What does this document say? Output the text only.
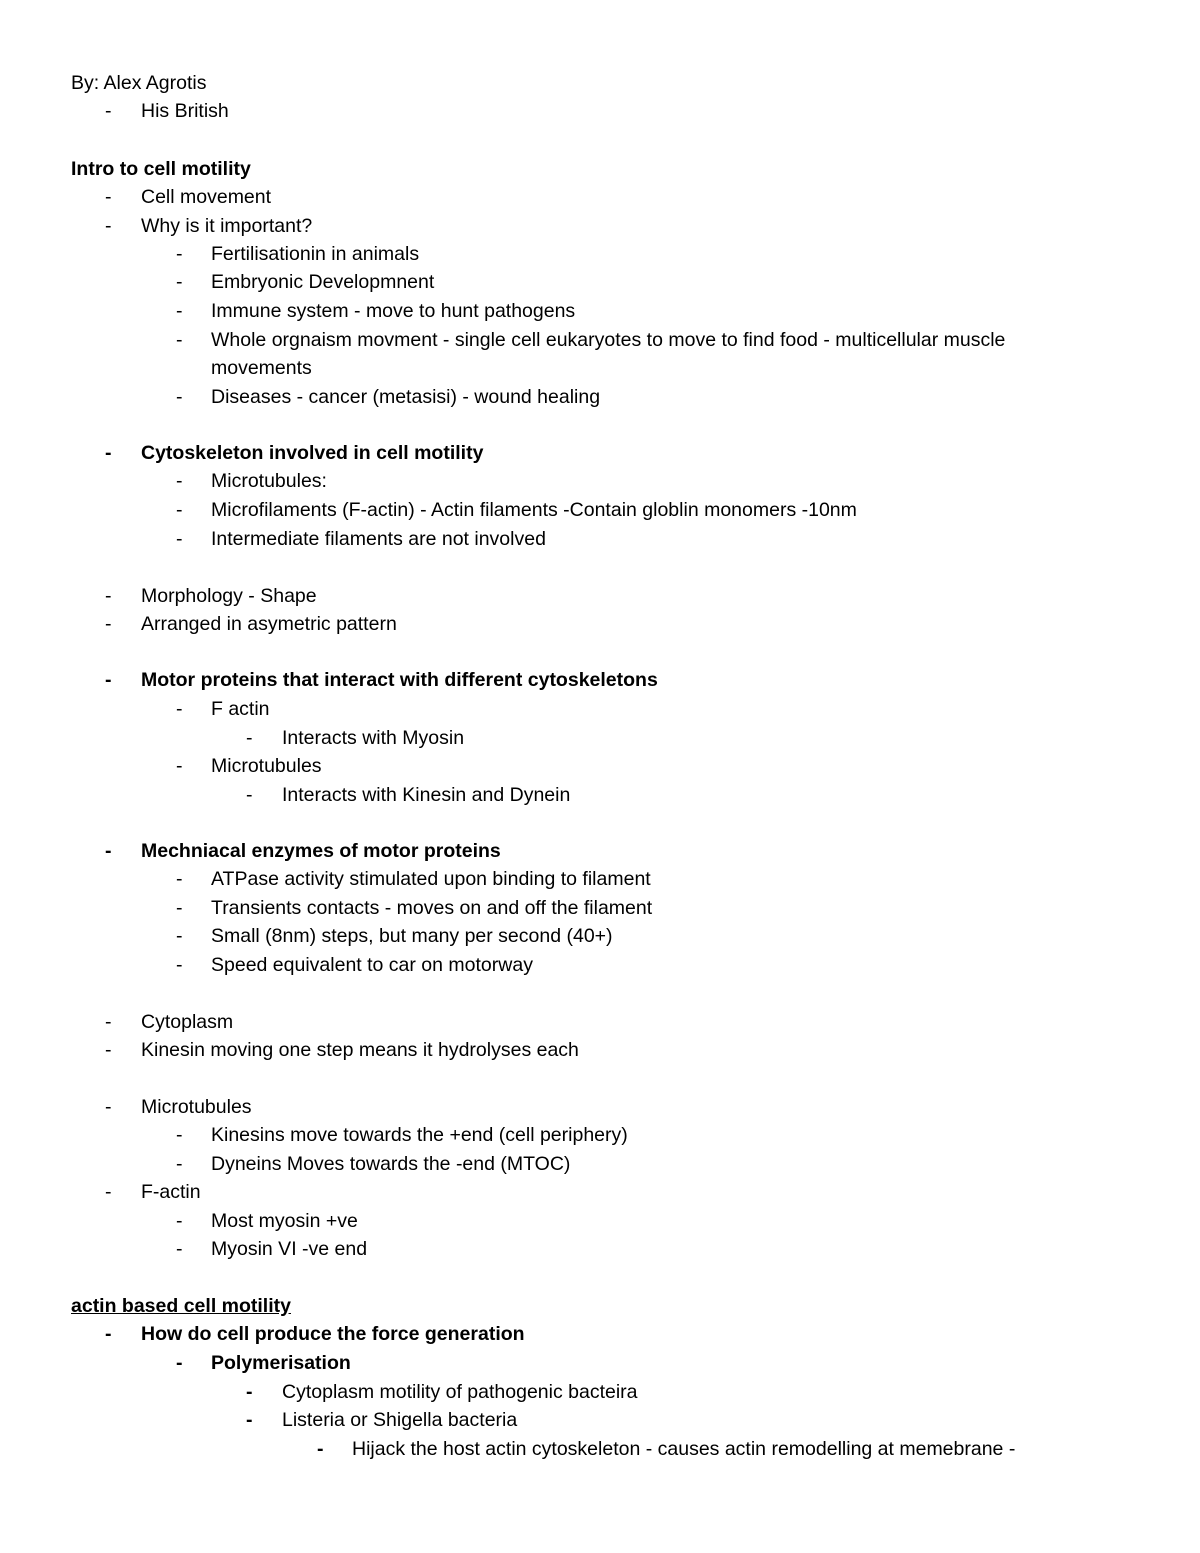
By: Alex Agrotis
- His British
Intro to cell motility
- Cell movement
- Why is it important?
- Fertilisationin in animals
- Embryonic Developmnent
- Immune system - move to hunt pathogens
- Whole orgnaism movment - single cell eukaryotes to move to find food - multicellular muscle
movements
- Diseases - cancer (metasisi) - wound healing
- Cytoskeleton involved in cell motility
- Microtubules:
- Microfilaments (F-actin) - Actin filaments -Contain globlin monomers -10nm
- Intermediate filaments are not involved
- Morphology - Shape
- Arranged in asymetric pattern
- Motor proteins that interact with different cytoskeletons
- F actin
- Interacts with Myosin
- Microtubules
- Interacts with Kinesin and Dynein
- Mechniacal enzymes of motor proteins
- ATPase activity stimulated upon binding to filament
- Transients contacts - moves on and off the filament
- Small (8nm) steps, but many per second (40+)
- Speed equivalent to car on motorway
- Cytoplasm
- Kinesin moving one step means it hydrolyses each
- Microtubules
- Kinesins move towards the +end (cell periphery)
- Dyneins Moves towards the -end (MTOC)
- F-actin
- Most myosin +ve
- Myosin VI -ve end
actin based cell motility
- How do cell produce the force generation
- Polymerisation
- Cytoplasm motility of pathogenic bacteira
- Listeria or Shigella bacteria
- Hijack the host actin cytoskeleton - causes actin remodelling at memebrane -
